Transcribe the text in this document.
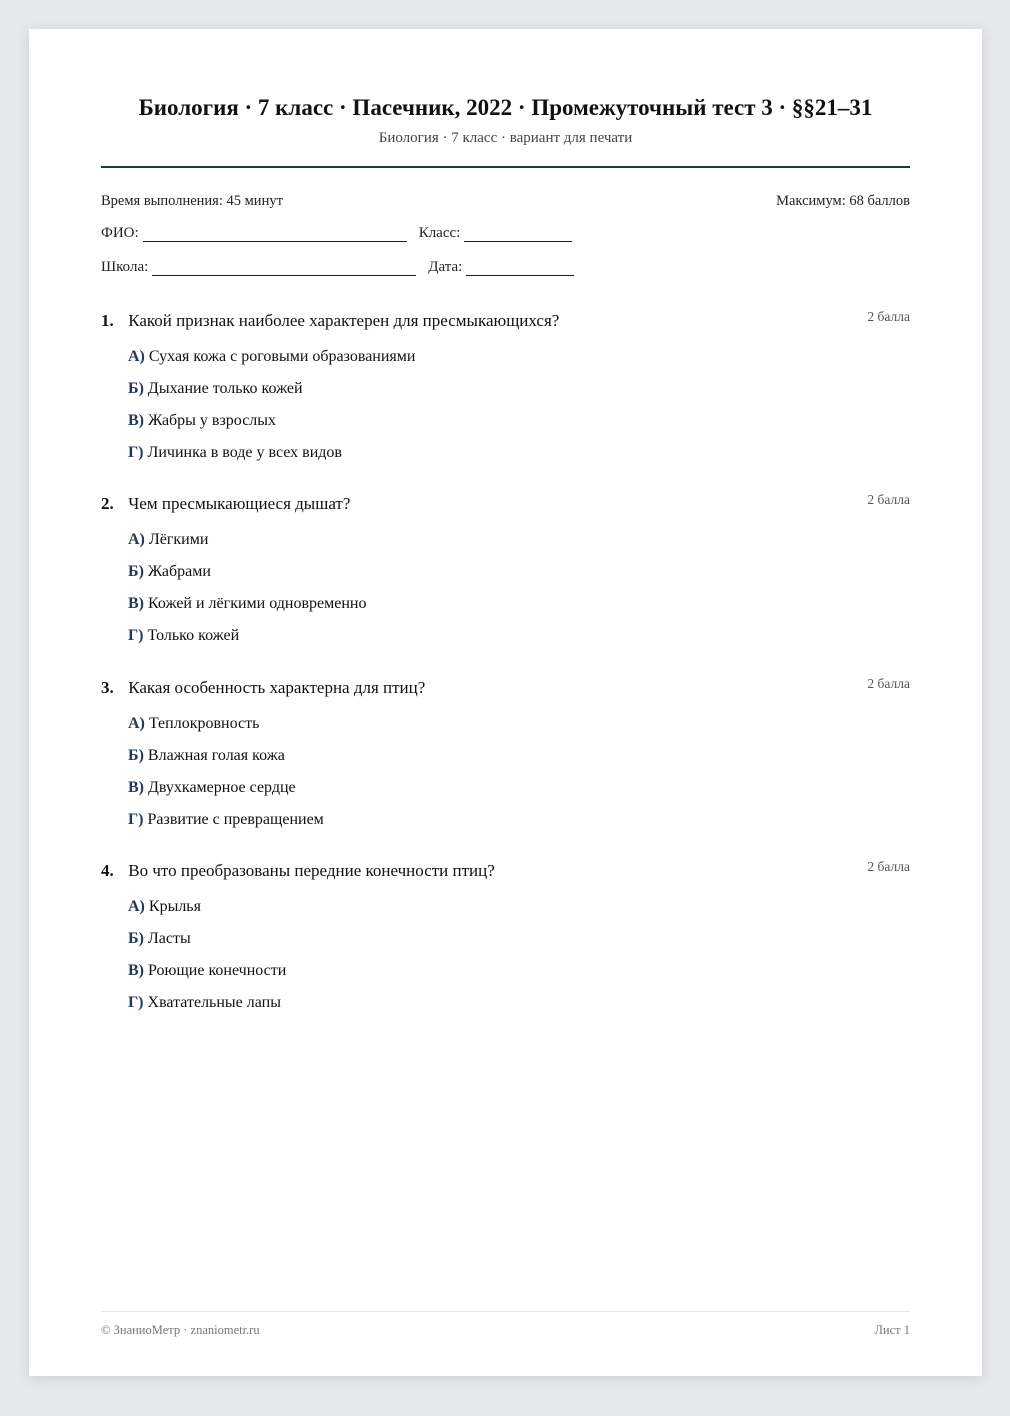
Биология · 7 класс · Пасечник, 2022 · Промежуточный тест 3 · §§21–31
Биология · 7 класс · вариант для печати
Время выполнения: 45 минут	Максимум: 68 баллов
ФИО:	Класс:
Школа:	Дата:
1. Какой признак наиболее характерен для пресмыкающихся?	2 балла
А) Сухая кожа с роговыми образованиями
Б) Дыхание только кожей
В) Жабры у взрослых
Г) Личинка в воде у всех видов
2. Чем пресмыкающиеся дышат?	2 балла
А) Лёгкими
Б) Жабрами
В) Кожей и лёгкими одновременно
Г) Только кожей
3. Какая особенность характерна для птиц?	2 балла
А) Теплокровность
Б) Влажная голая кожа
В) Двухкамерное сердце
Г) Развитие с превращением
4. Во что преобразованы передние конечности птиц?	2 балла
А) Крылья
Б) Ласты
В) Роющие конечности
Г) Хватательные лапы
© ЗнаниоМетр · znaniometr.ru	Лист 1
